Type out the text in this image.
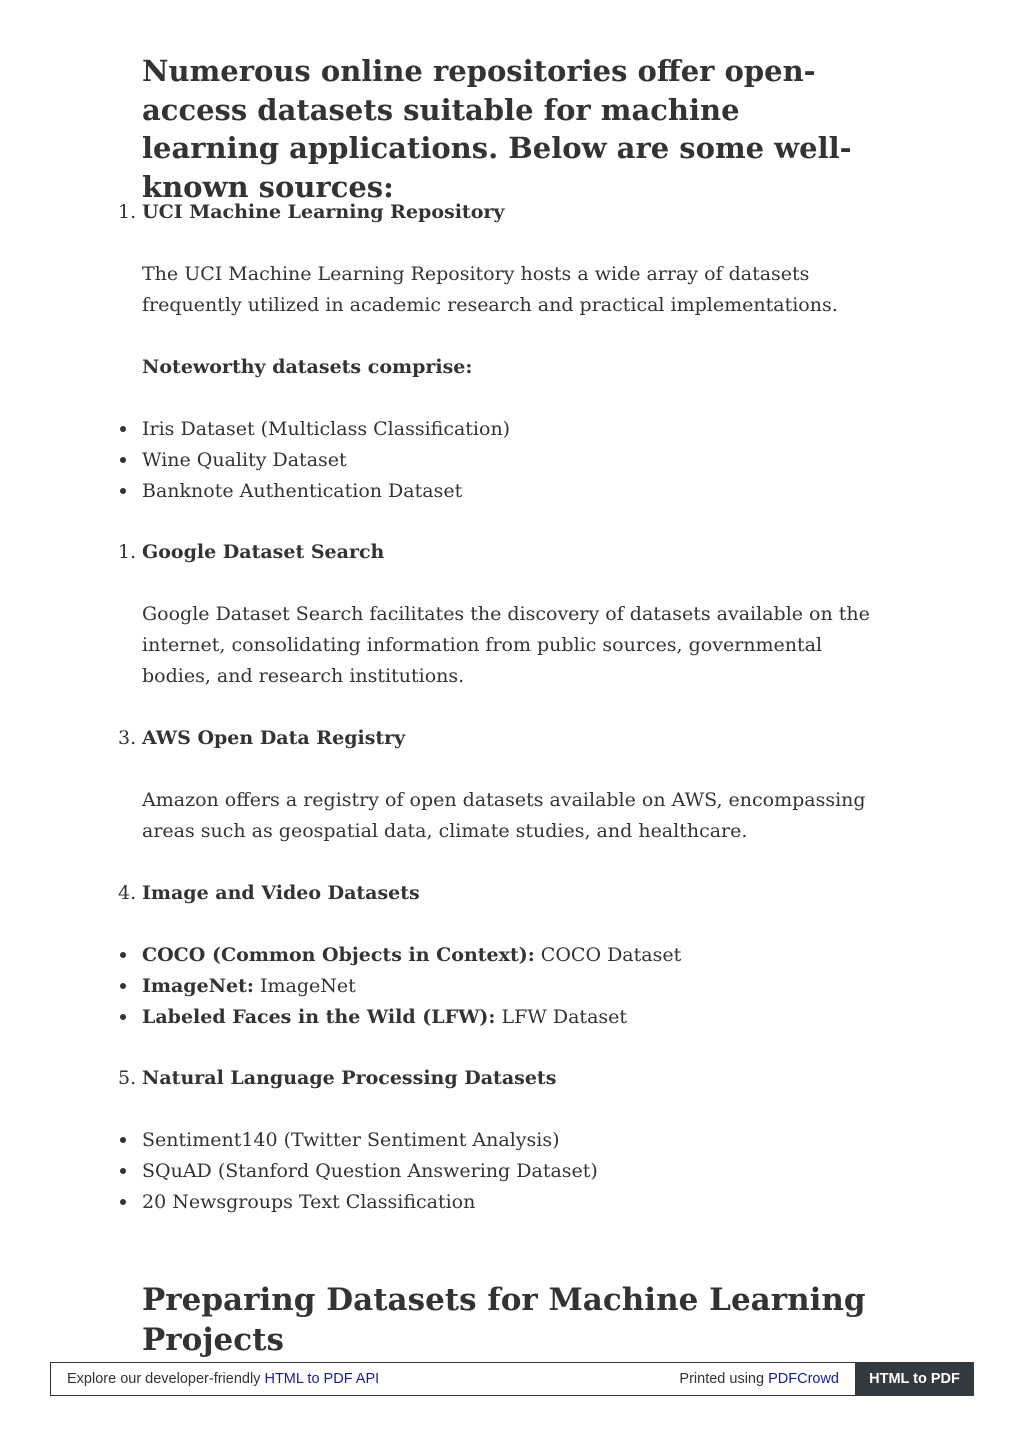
Numerous online repositories offer open-access datasets suitable for machine learning applications. Below are some well-known sources:
1. UCI Machine Learning Repository

The UCI Machine Learning Repository hosts a wide array of datasets frequently utilized in academic research and practical implementations.

Noteworthy datasets comprise:
Iris Dataset (Multiclass Classification)
Wine Quality Dataset
Banknote Authentication Dataset
1. Google Dataset Search

Google Dataset Search facilitates the discovery of datasets available on the internet, consolidating information from public sources, governmental bodies, and research institutions.

3. AWS Open Data Registry

Amazon offers a registry of open datasets available on AWS, encompassing areas such as geospatial data, climate studies, and healthcare.

4. Image and Video Datasets
COCO (Common Objects in Context): COCO Dataset
ImageNet: ImageNet
Labeled Faces in the Wild (LFW): LFW Dataset
5. Natural Language Processing Datasets
Sentiment140 (Twitter Sentiment Analysis)
SQuAD (Stanford Question Answering Dataset)
20 Newsgroups Text Classification
Preparing Datasets for Machine Learning Projects
Explore our developer-friendly HTML to PDF API	Printed using PDFCrowd	HTML to PDF
